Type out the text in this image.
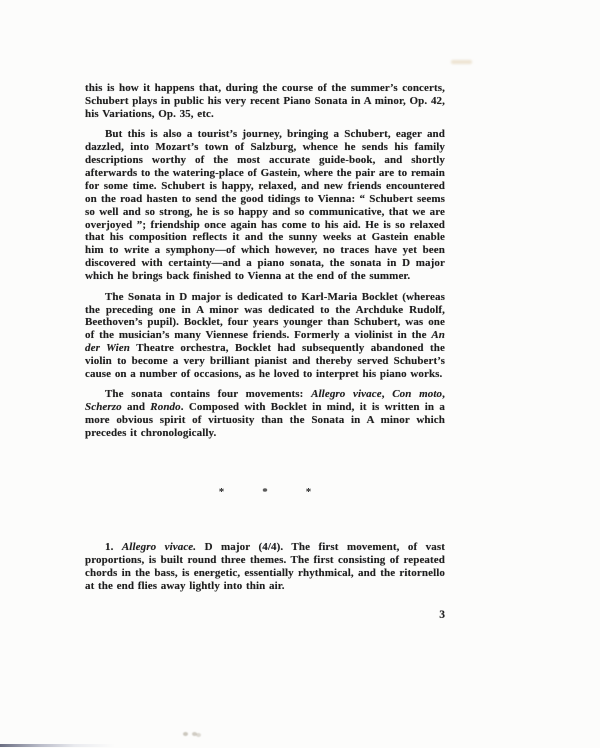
this is how it happens that, during the course of the summer’s concerts, Schubert plays in public his very recent Piano Sonata in A minor, Op. 42, his Variations, Op. 35, etc.

But this is also a tourist’s journey, bringing a Schubert, eager and dazzled, into Mozart’s town of Salzburg, whence he sends his family descriptions worthy of the most accurate guide-book, and shortly afterwards to the watering-place of Gastein, where the pair are to remain for some time. Schubert is happy, relaxed, and new friends encountered on the road hasten to send the good tidings to Vienna: “ Schubert seems so well and so strong, he is so happy and so communicative, that we are overjoyed ”; friendship once again has come to his aid. He is so relaxed that his composition reflects it and the sunny weeks at Gastein enable him to write a symphony—of which however, no traces have yet been discovered with certainty—and a piano sonata, the sonata in D major which he brings back finished to Vienna at the end of the summer.

The Sonata in D major is dedicated to Karl-Maria Bocklet (whereas the preceding one in A minor was dedicated to the Archduke Rudolf, Beethoven’s pupil). Bocklet, four years younger than Schubert, was one of the musician’s many Viennese friends. Formerly a violinist in the An der Wien Theatre orchestra, Bocklet had subsequently abandoned the violin to become a very brilliant pianist and thereby served Schubert’s cause on a number of occasions, as he loved to interpret his piano works.

The sonata contains four movements: Allegro vivace, Con moto, Scherzo and Rondo. Composed with Bocklet in mind, it is written in a more obvious spirit of virtuosity than the Sonata in A minor which precedes it chronologically.

*	*	*

1. Allegro vivace. D major (4/4). The first movement, of vast proportions, is built round three themes. The first consisting of repeated chords in the bass, is energetic, essentially rhythmical, and the ritornello at the end flies away lightly into thin air.

3
